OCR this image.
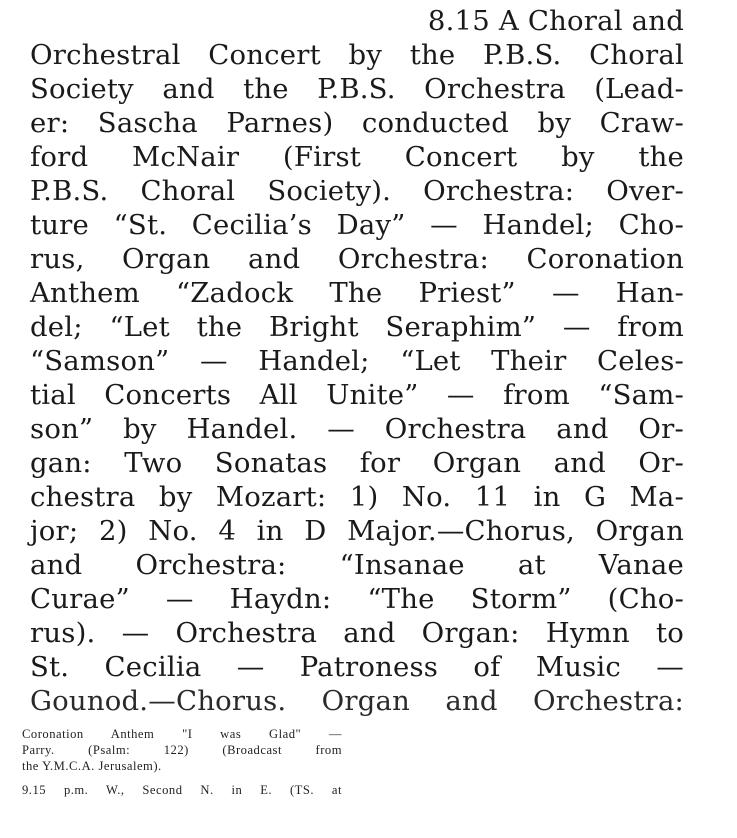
8.15 A Choral and
Orchestral Concert by the P.B.S. Choral
Society and the P.B.S. Orchestra (Lead-
er: Sascha Parnes) conducted by Craw-
ford McNair (First Concert by the
P.B.S. Choral Society). Orchestra: Over-
ture “St. Cecilia’s Day” — Handel; Cho-
rus, Organ and Orchestra: Coronation
Anthem “Zadock The Priest” — Han-
del; “Let the Bright Seraphim” — from
“Samson” — Handel; “Let Their Celes-
tial Concerts All Unite” — from “Sam-
son” by Handel. — Orchestra and Or-
gan: Two Sonatas for Organ and Or-
chestra by Mozart: 1) No. 11 in G Ma-
jor; 2) No. 4 in D Major.—Chorus, Organ
and Orchestra: “Insanae at Vanae
Curae” — Haydn: “The Storm” (Cho-
rus). — Orchestra and Organ: Hymn to
St. Cecilia — Patroness of Music —
Gounod.—Chorus. Organ and Orchestra:
Coronation Anthem "I was Glad" —
Parry. (Psalm: 122) (Broadcast from
the Y.M.C.A. Jerusalem).
9.15 p.m. W., Second N. in E. (TS. at
